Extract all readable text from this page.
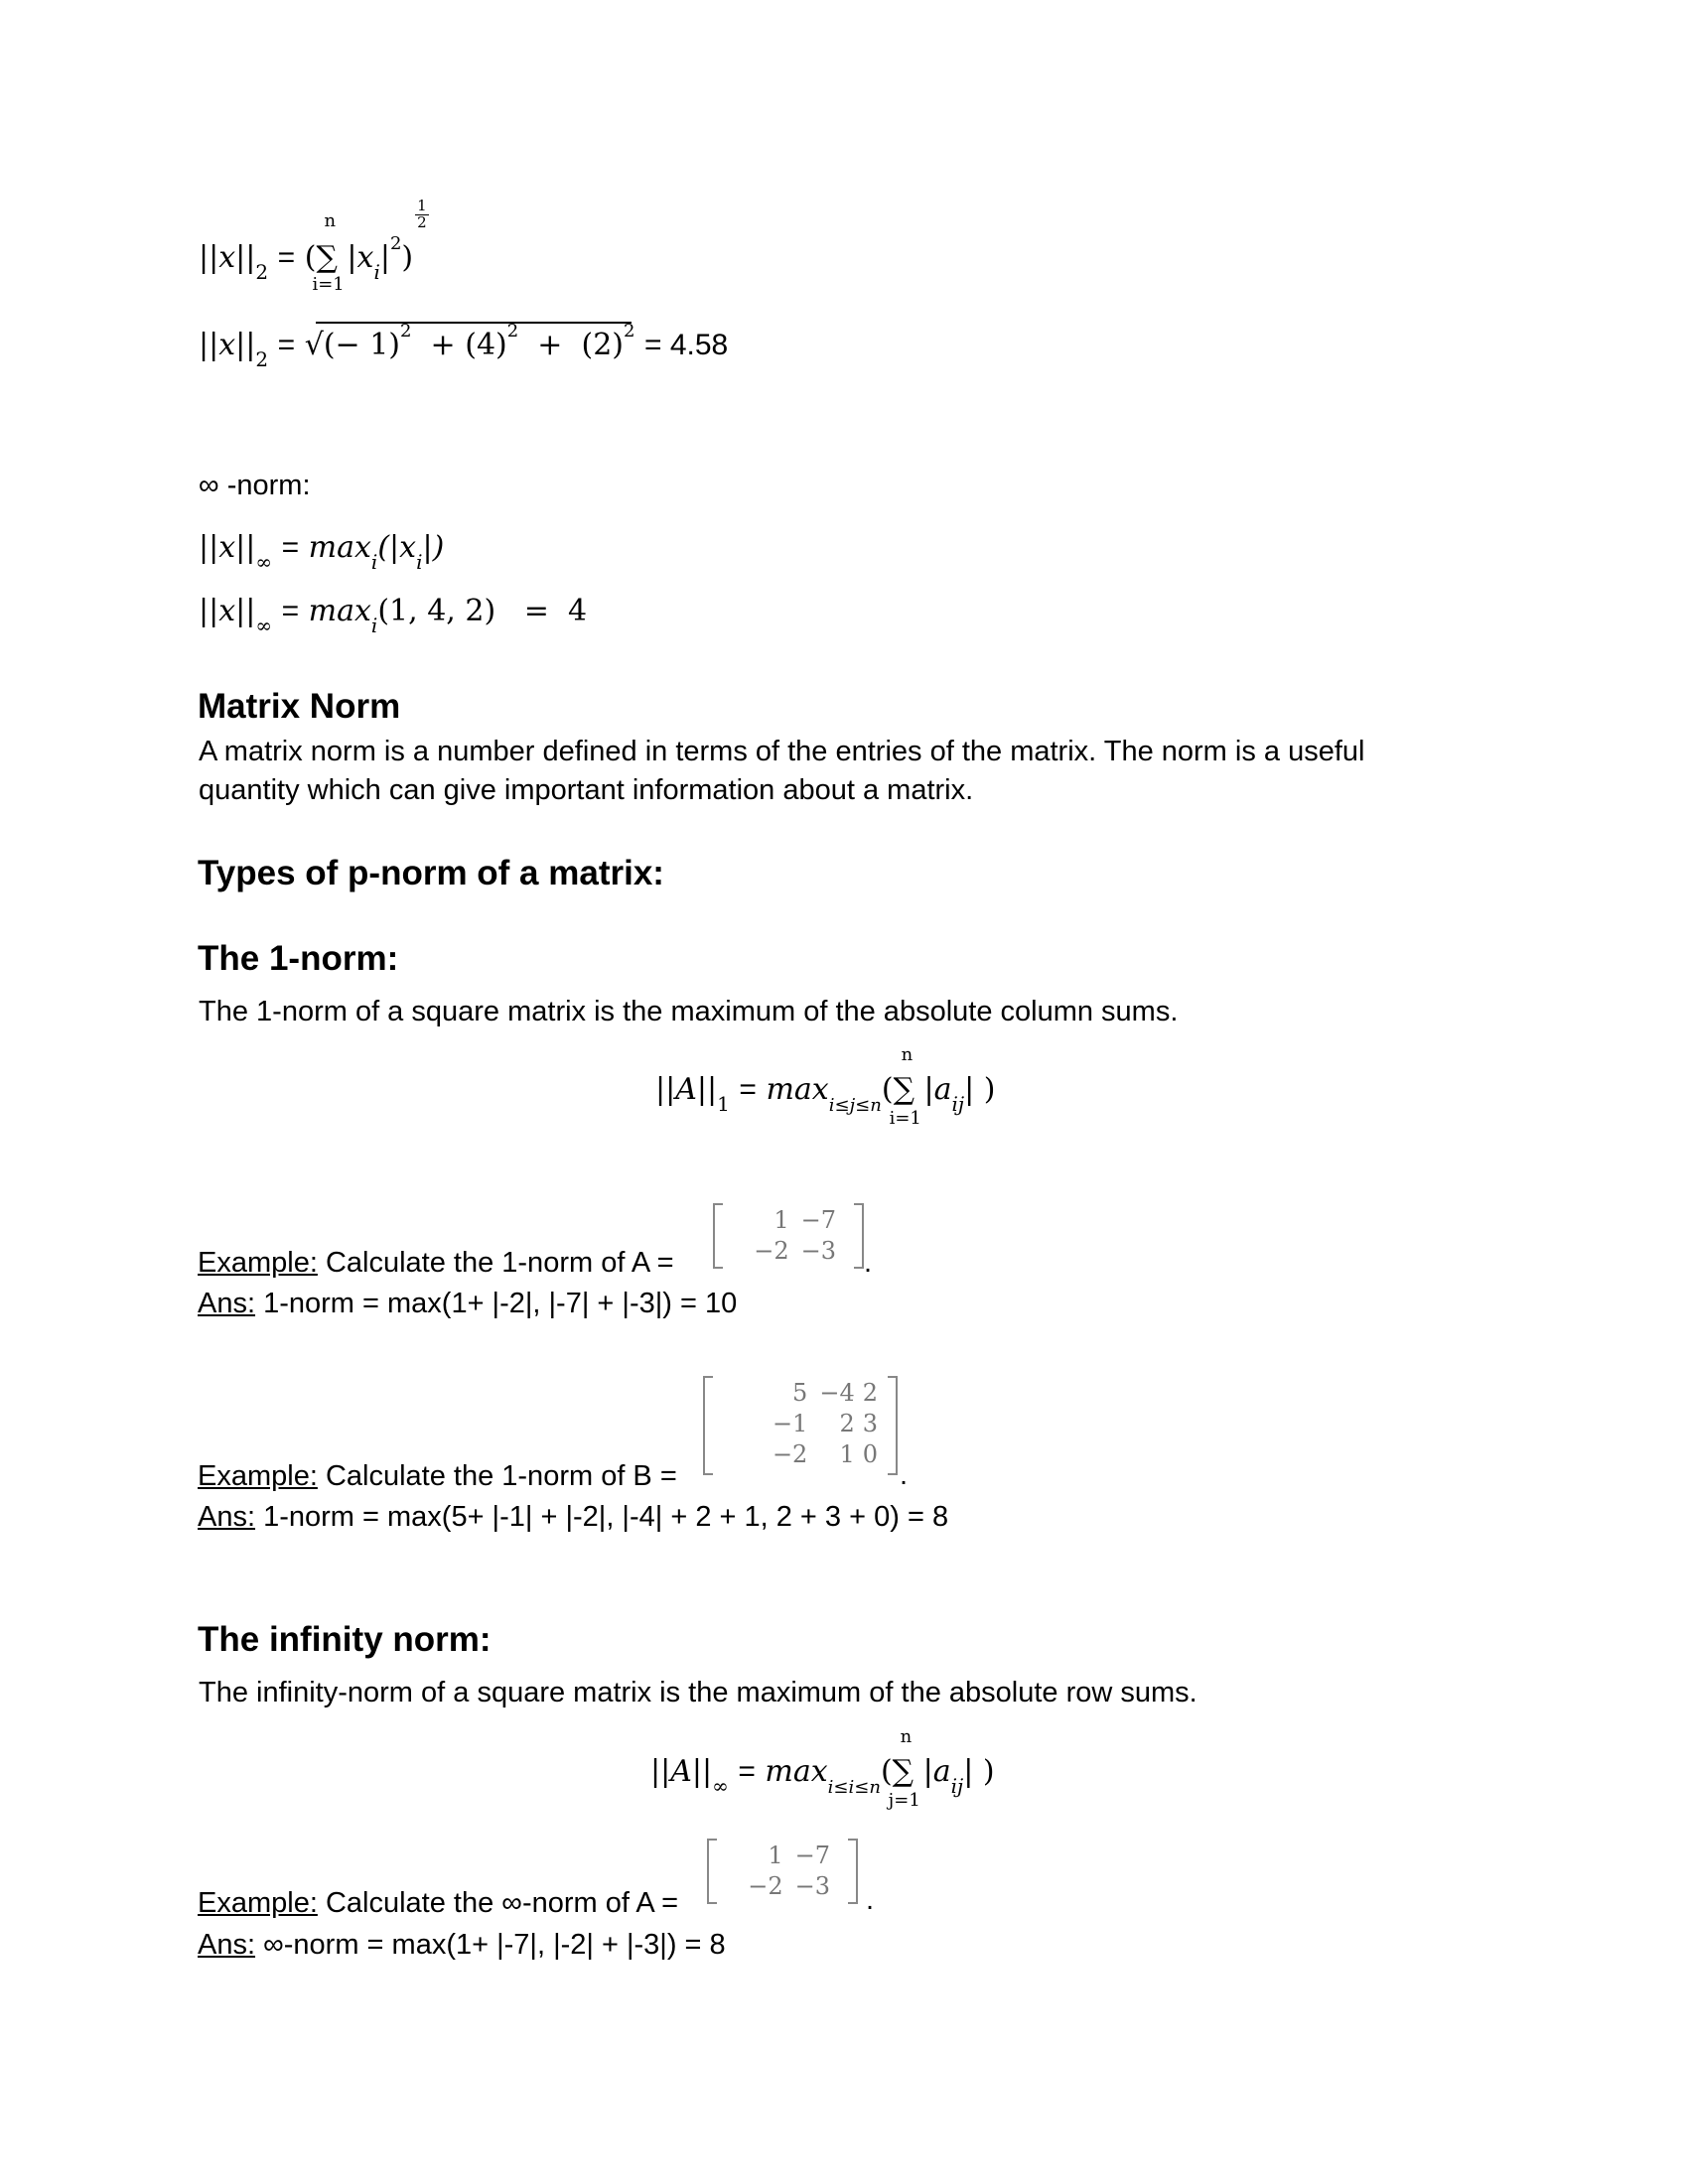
$||x||_2$ = (∑
n
i=1
$|x_i|^2$)
$\frac{1}{2}$
$||x||_2$ = √(− $1)^2 + (4)^2 + (2)^2 = 4.58$
∞ -norm:
$||x||_\infty = \max_i(|x_i|)$
$||x||_\infty = \max_i(1$, 4, 2) =  4
Matrix Norm
A matrix norm is a number defined in terms of the entries of the matrix. The norm is a useful
quantity which can give important information about a matrix.
Types of p-norm of a matrix:
The 1-norm:
The 1-norm of a square matrix is the maximum of the absolute column sums.
$||A||_1 = \max_{i\le j\le n}(\sum$
n
i=1
$|a_{ij}|$ )
1	−7
−2	−3 .
Example: Calculate the 1-norm of A =
Ans: 1-norm = max(1+ |-2|, |-7| + |-3|) = 10
5	−4	2
−1	2	3
−2	1	0
.
Example: Calculate the 1-norm of B =
Ans: 1-norm = max(5+ |-1| + |-2|, |-4| + 2 + 1, 2 + 3 + 0) = 8
The infinity norm:
The infinity-norm of a square matrix is the maximum of the absolute row sums.
$||A||_\infty = \max_{i\le i\le n}(\sum$
n
j=1
$|a_{ij}|$ )
1	−7
−2	−3 .
Example: Calculate the ∞-norm of A =
Ans: ∞-norm = max(1+ |-7|, |-2| + |-3|) = 8
